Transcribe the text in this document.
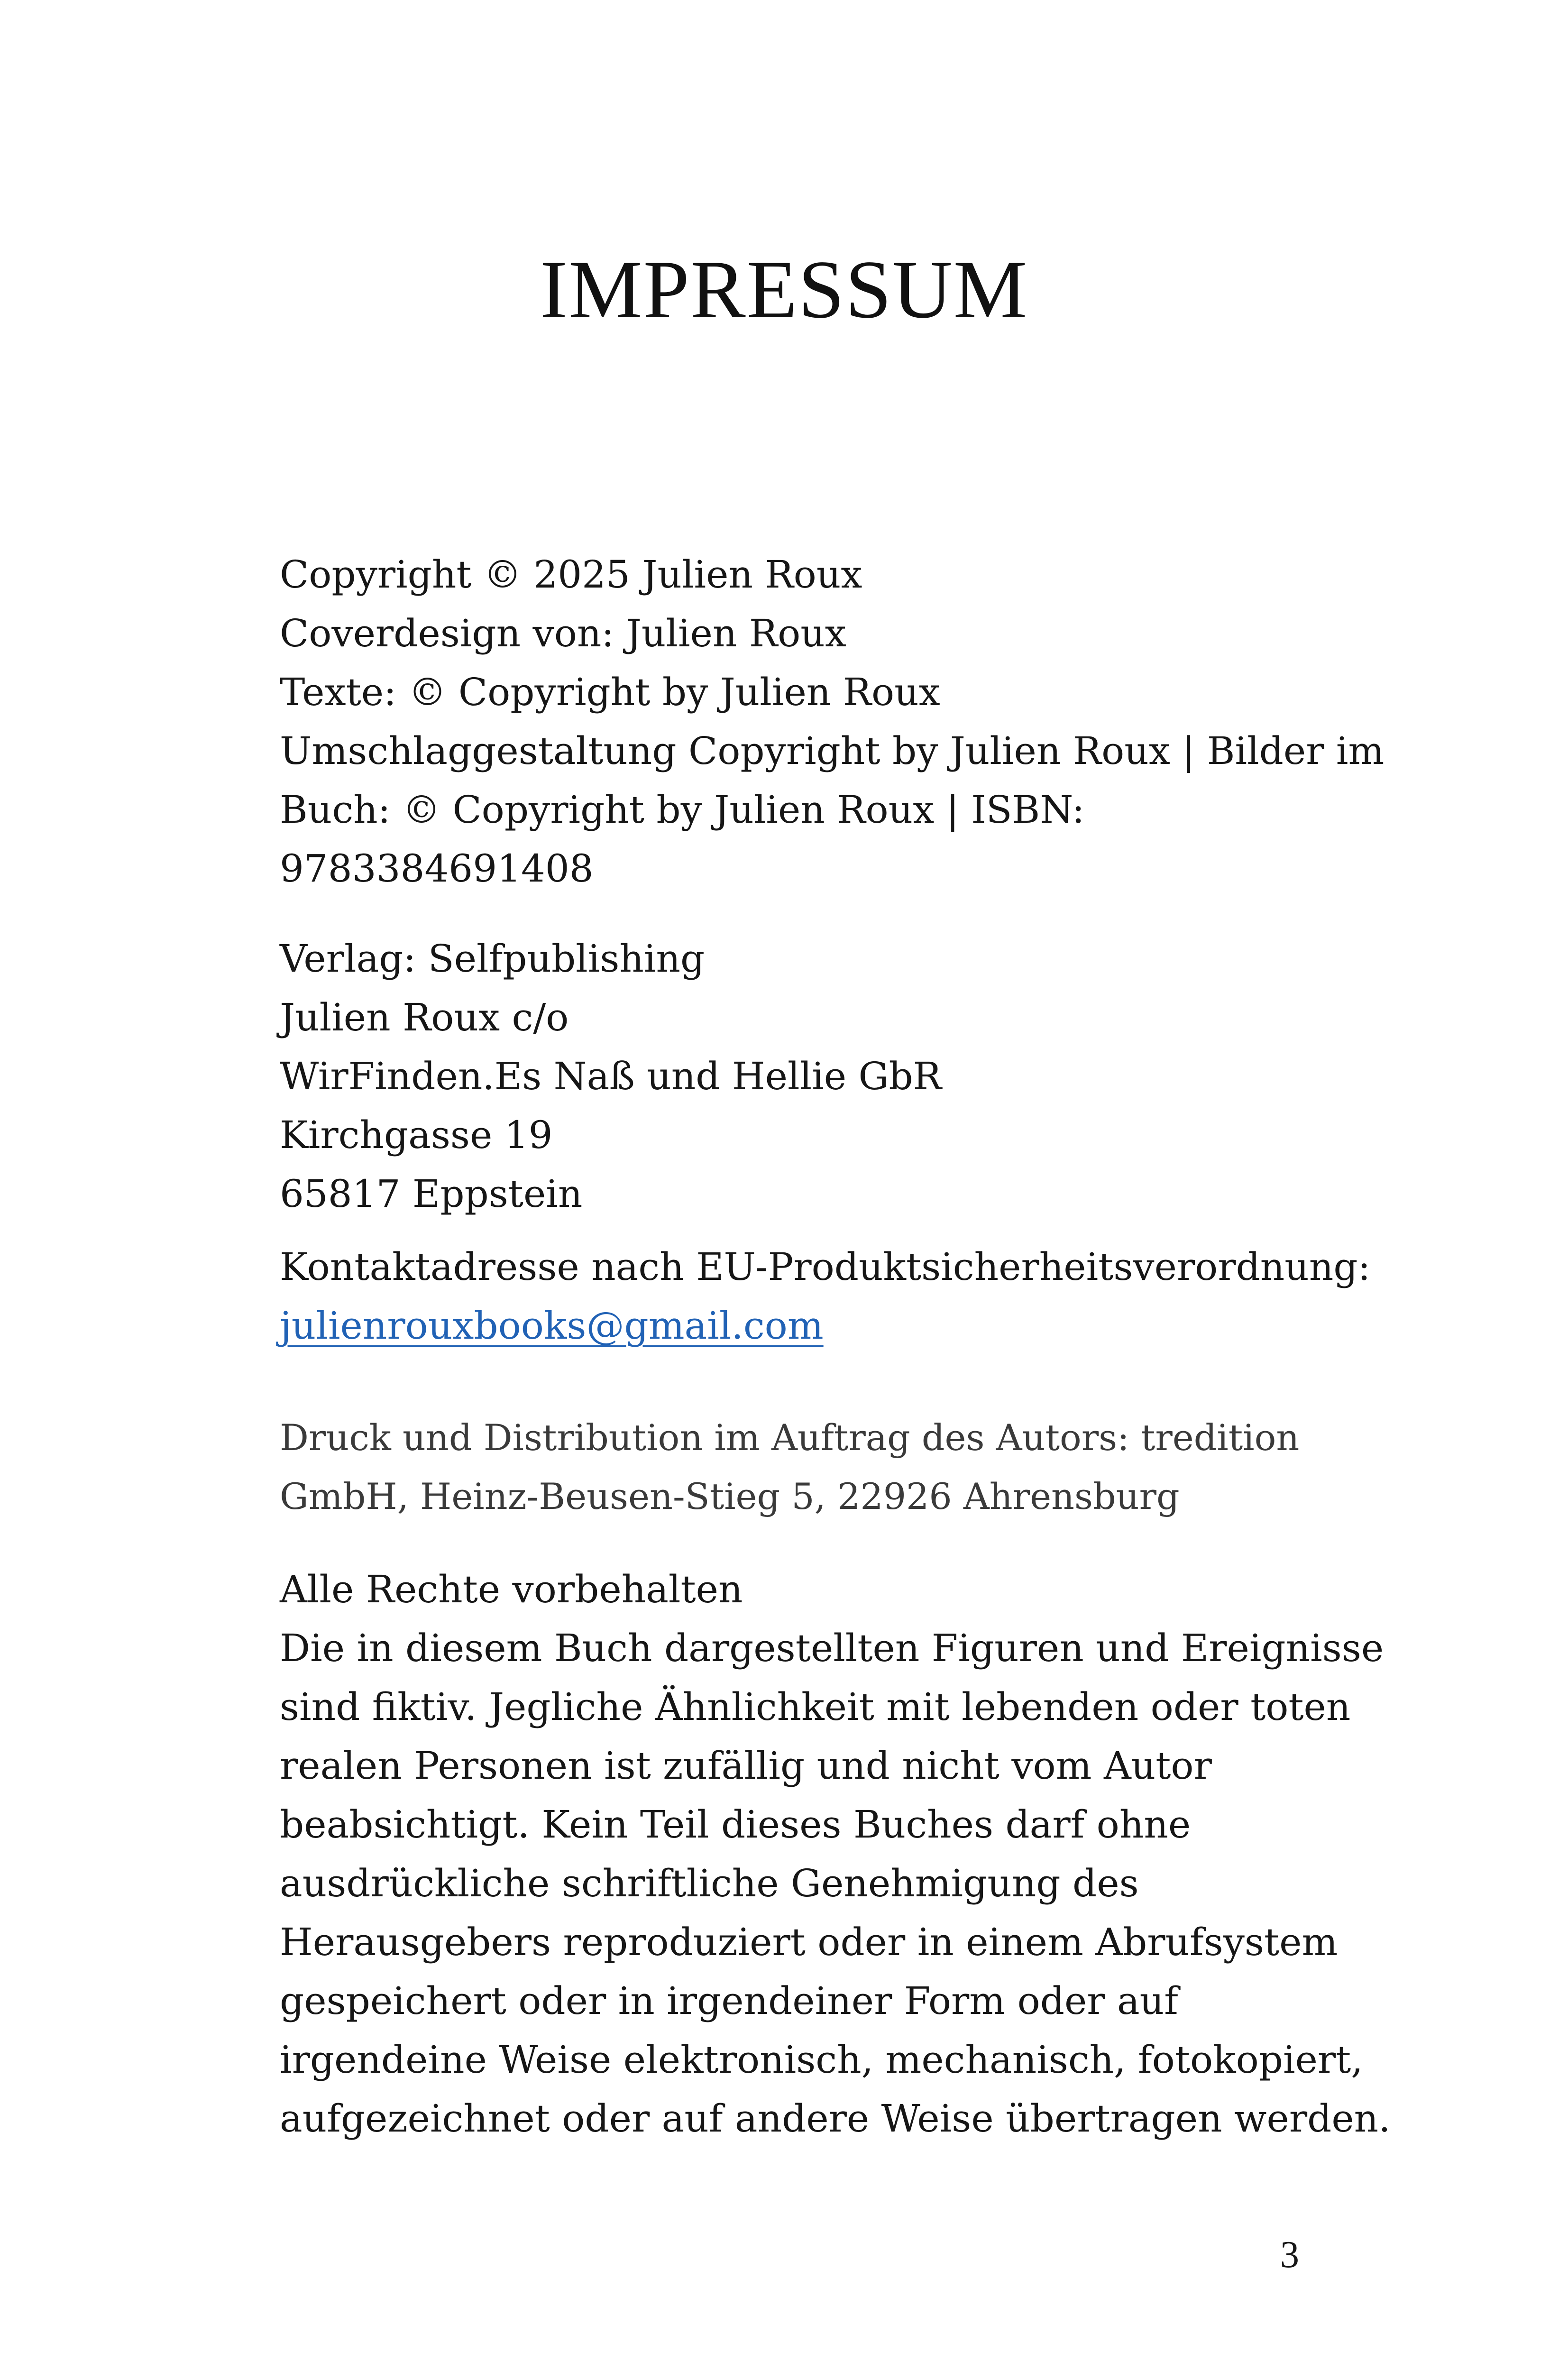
IMPRESSUM
Copyright © 2025 Julien Roux
Coverdesign von: Julien Roux
Texte: © Copyright by Julien Roux
Umschlaggestaltung Copyright by Julien Roux | Bilder im
Buch: © Copyright by Julien Roux | ISBN:
9783384691408
Verlag: Selfpublishing
Julien Roux c/o
WirFinden.Es Naß und Hellie GbR
Kirchgasse 19
65817 Eppstein
Kontaktadresse nach EU-Produktsicherheitsverordnung:
julienrouxbooks@gmail.com
Druck und Distribution im Auftrag des Autors: tredition
GmbH, Heinz-Beusen-Stieg 5, 22926 Ahrensburg
Alle Rechte vorbehalten
Die in diesem Buch dargestellten Figuren und Ereignisse
sind fiktiv. Jegliche Ähnlichkeit mit lebenden oder toten
realen Personen ist zufällig und nicht vom Autor
beabsichtigt. Kein Teil dieses Buches darf ohne
ausdrückliche schriftliche Genehmigung des
Herausgebers reproduziert oder in einem Abrufsystem
gespeichert oder in irgendeiner Form oder auf
irgendeine Weise elektronisch, mechanisch, fotokopiert,
aufgezeichnet oder auf andere Weise übertragen werden.
3
